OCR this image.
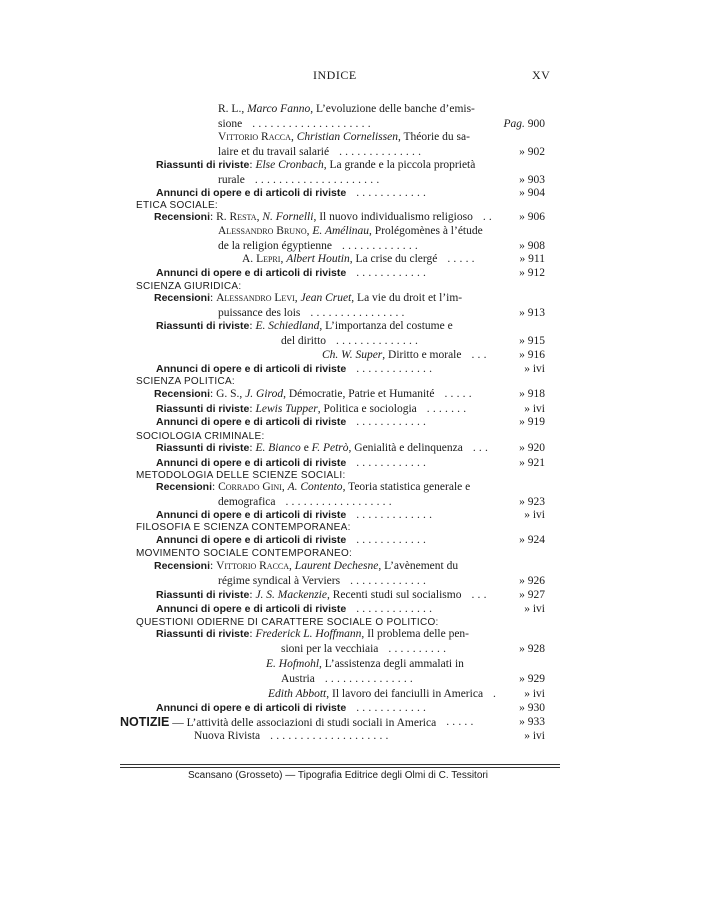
INDICE	XV
R. L., Marco Fanno, L’evoluzione delle banche d’emis-
sione	Pag. 900
....................
Vittorio Racca, Christian Cornelissen, Théorie du sa-
laire et du travail salarié	» 902
..............
Riassunti di riviste: Else Cronbach, La grande e la piccola proprietà
rurale	» 903
.....................
Annunci di opere e di articoli di riviste	» 904
............
ETICA SOCIALE:
Recensioni: R. Resta, N. Fornelli, Il nuovo individualismo religioso	» 906
..
Alessandro Bruno, E. Amélinau, Prolégomènes à l’étude
de la religion égyptienne	» 908
.............
A. Lepri, Albert Houtin, La crise du clergé	» 911
.....
Annunci di opere e di articoli di riviste	» 912
............
SCIENZA GIURIDICA:
Recensioni: Alessandro Levi, Jean Cruet, La vie du droit et l’im-
puissance des lois	» 913
................
Riassunti di riviste: E. Schiedland, L’importanza del costume e
del diritto	» 915
..............
Ch. W. Super, Diritto e morale	» 916
...
Annunci di opere e di articoli di riviste	» ivi
.............
SCIENZA POLITICA:
Recensioni: G. S., J. Girod, Démocratie, Patrie et Humanité	» 918
.....
Riassunti di riviste: Lewis Tupper, Politica e sociologia	» ivi
.......
Annunci di opere e di articoli di riviste	» 919
............
SOCIOLOGIA CRIMINALE:
Riassunti di riviste: E. Bianco e F. Petrò, Genialità e delinquenza	» 920
...
Annunci di opere e di articoli di riviste	» 921
............
METODOLOGIA DELLE SCIENZE SOCIALI:
Recensioni: Corrado Gini, A. Contento, Teoria statistica generale e
demografica	» 923
..................
Annunci di opere e di articoli di riviste	» ivi
.............
FILOSOFIA E SCIENZA CONTEMPORANEA:
Annunci di opere e di articoli di riviste	» 924
............
MOVIMENTO SOCIALE CONTEMPORANEO:
Recensioni: Vittorio Racca, Laurent Dechesne, L’avènement du
régime syndical à Verviers	» 926
.............
Riassunti di riviste: J. S. Mackenzie, Recenti studi sul socialismo	» 927
...
Annunci di opere e di articoli di riviste	» ivi
.............
QUESTIONI ODIERNE DI CARATTERE SOCIALE O POLITICO:
Riassunti di riviste: Frederick L. Hoffmann, Il problema delle pen-
sioni per la vecchiaia	» 928
..........
E. Hofmohl, L’assistenza degli ammalati in
Austria	» 929
...............
Edith Abbott, Il lavoro dei fanciulli in America	» ivi
.
Annunci di opere e di articoli di riviste	» 930
............
NOTIZIE — L’attività delle associazioni di studi sociali in America	» 933
.....
Nuova Rivista	» ivi
....................
Scansano (Grosseto) — Tipografia Editrice degli Olmi di C. Tessitori
